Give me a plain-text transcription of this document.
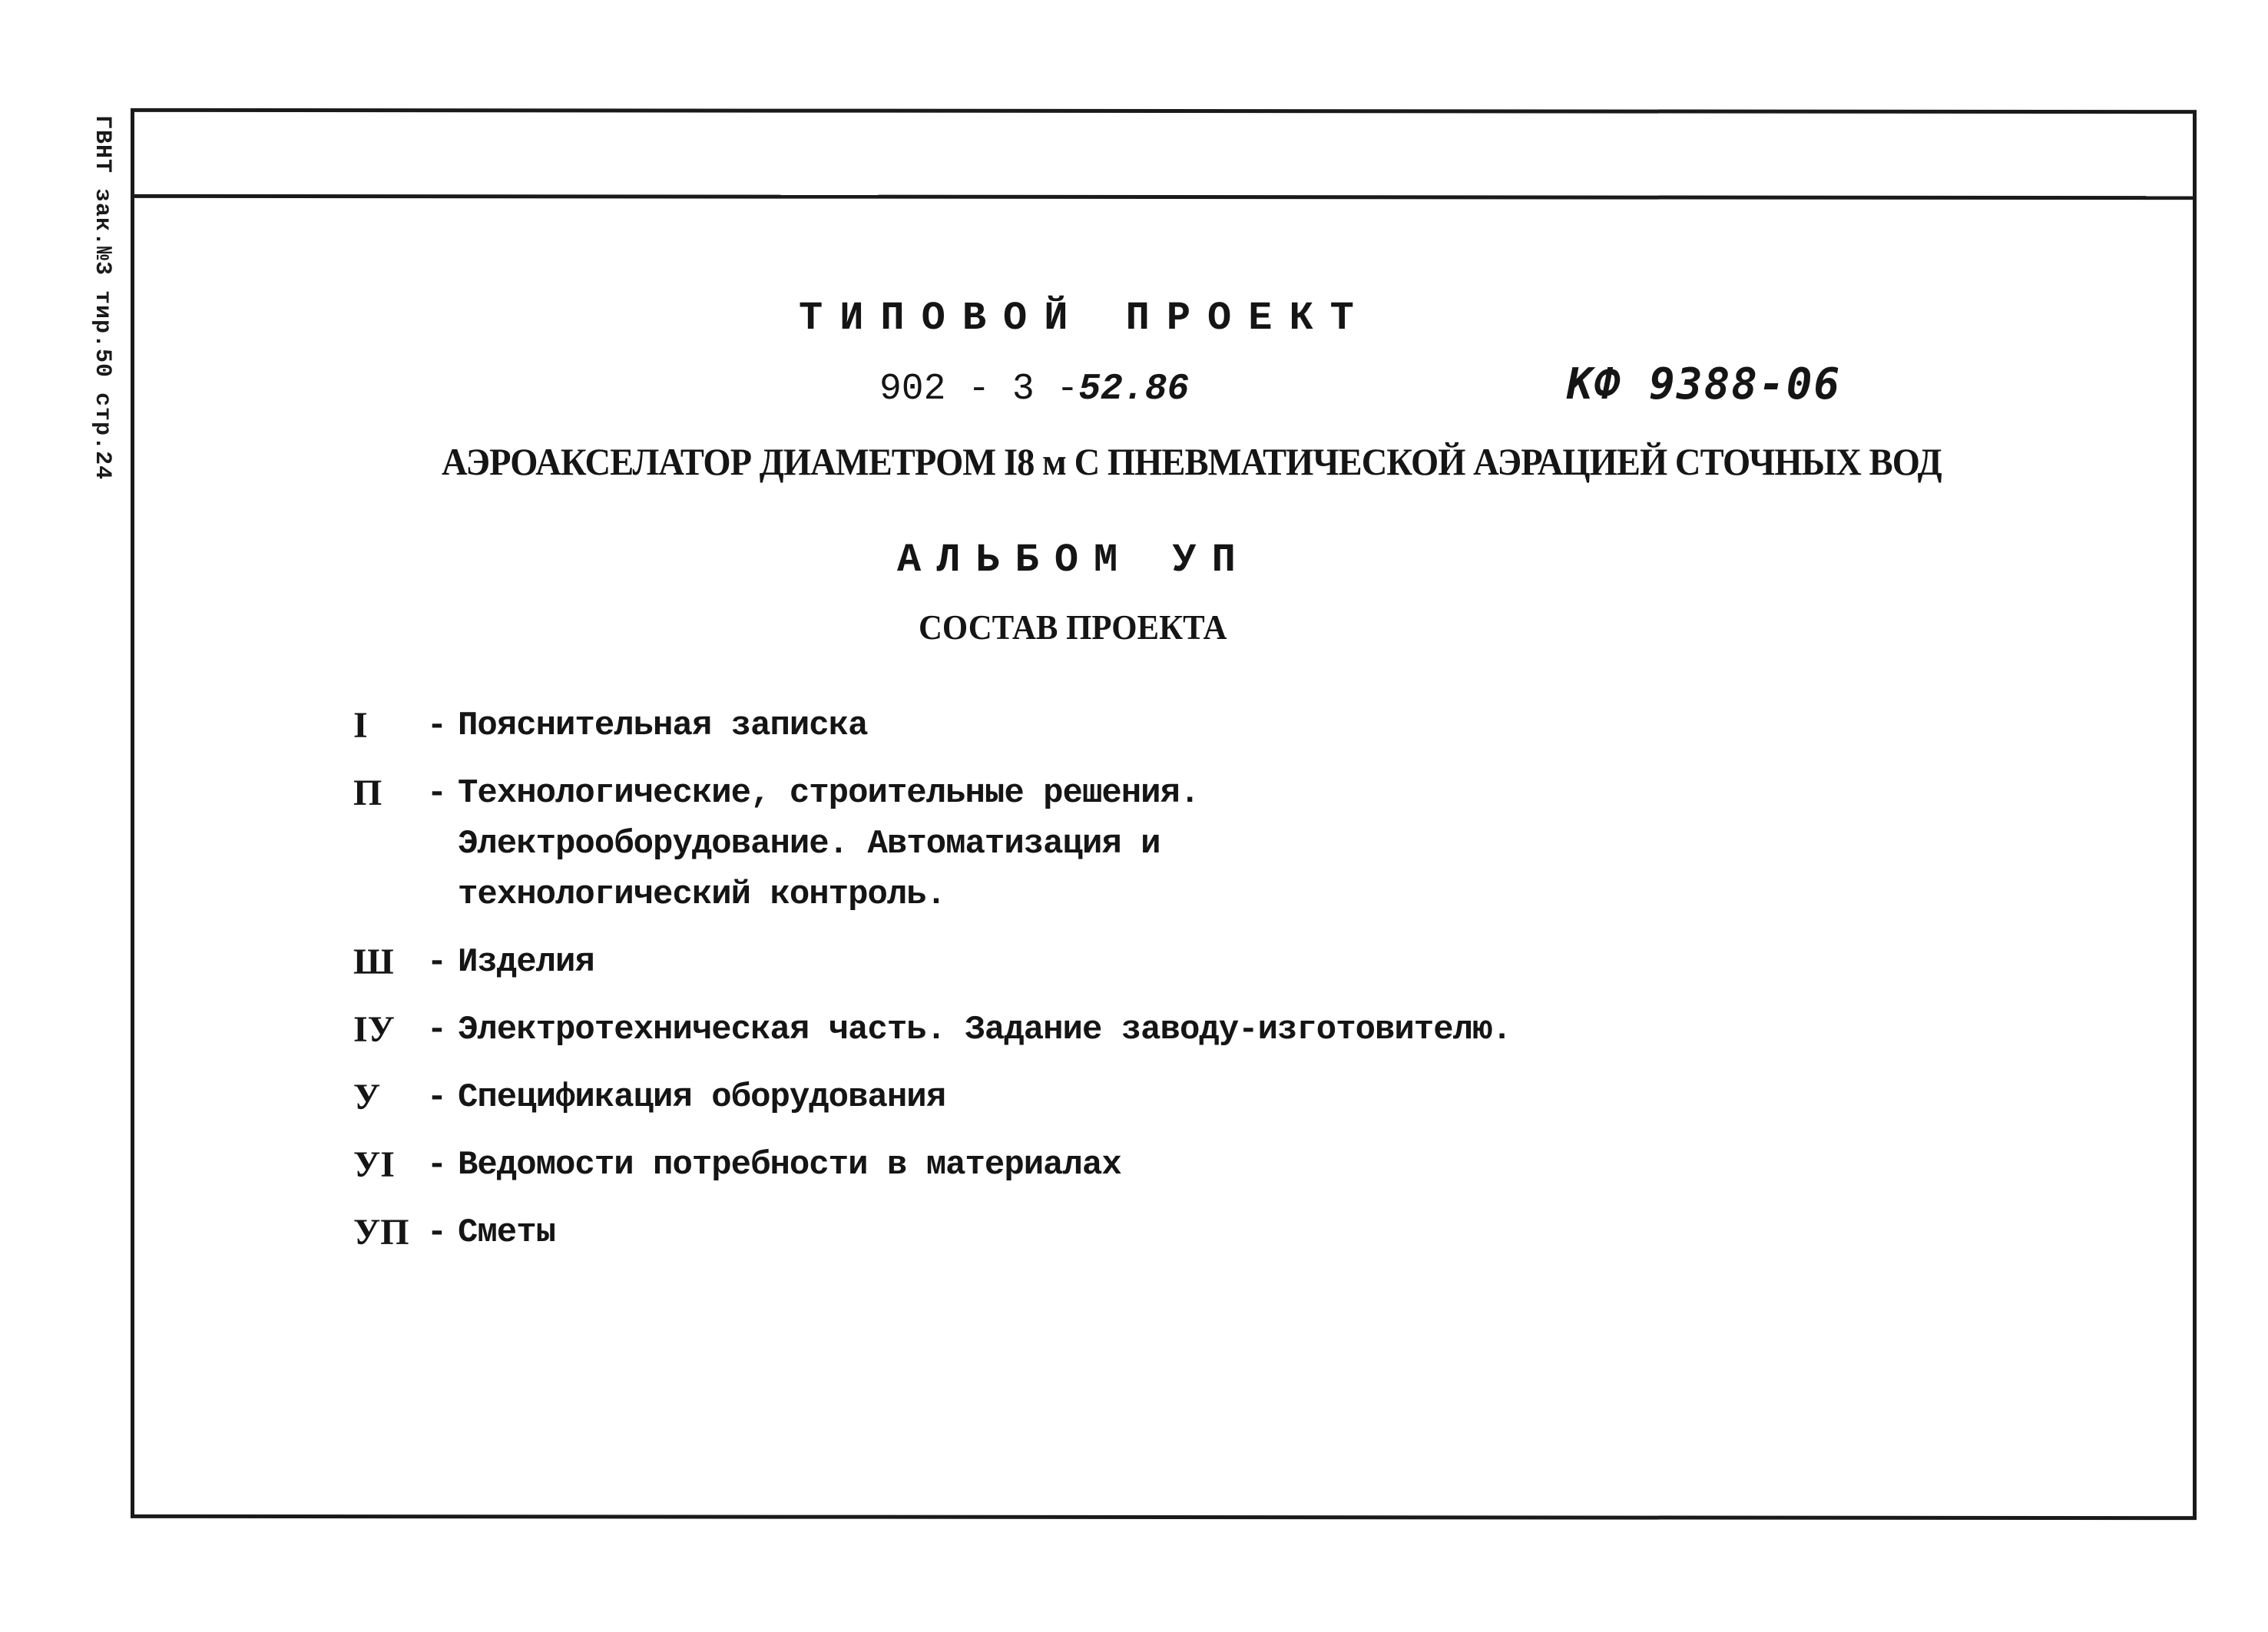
ГВНТ зак.№3 тир.50 стр.24	ТИПОВОЙ ПРОЕКТ
902 - 3 -52.86	КФ 9388-06
АЭРОАКСЕЛАТОР ДИАМЕТРОМ I8 м С ПНЕВМАТИЧЕСКОЙ АЭРАЦИЕЙ СТОЧНЫХ ВОД
АЛЬБОМ УП
СОСТАВ ПРОЕКТА
I	- Пояснительная записка
П	- Технологические, строительные решения.
Электрооборудование. Автоматизация и
технологический контроль.
Ш - Изделия
IУ - Электротехническая часть. Задание заводу-изготовителю.
У	- Спецификация оборудования
УI - Ведомости потребности в материалах
УП - Сметы
